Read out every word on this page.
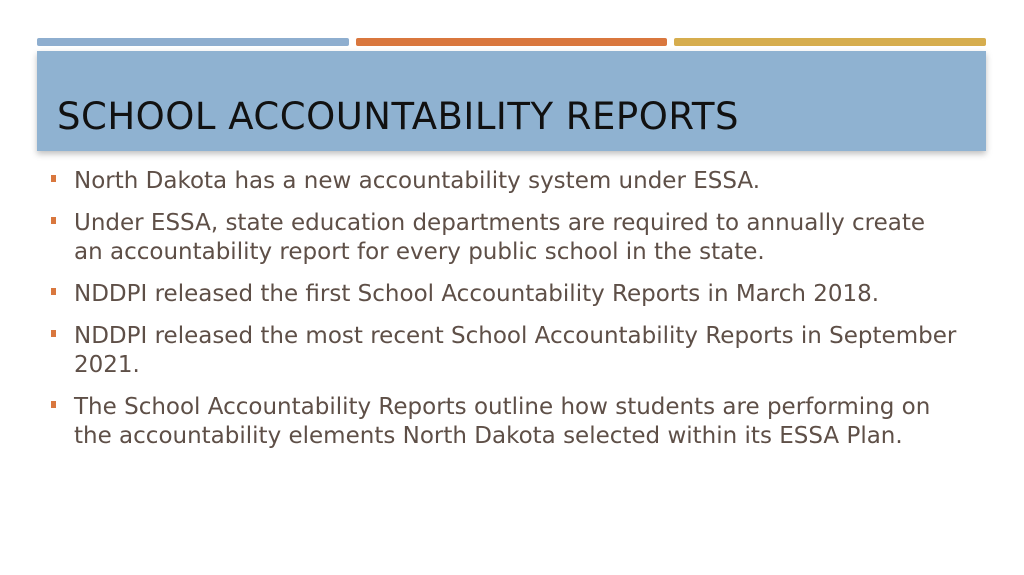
SCHOOL ACCOUNTABILITY REPORTS
North Dakota has a new accountability system under ESSA.
Under ESSA, state education departments are required to annually create an accountability report for every public school in the state.
NDDPI released the first School Accountability Reports in March 2018.
NDDPI released the most recent School Accountability Reports in September 2021.
The School Accountability Reports outline how students are performing on the accountability elements North Dakota selected within its ESSA Plan.
